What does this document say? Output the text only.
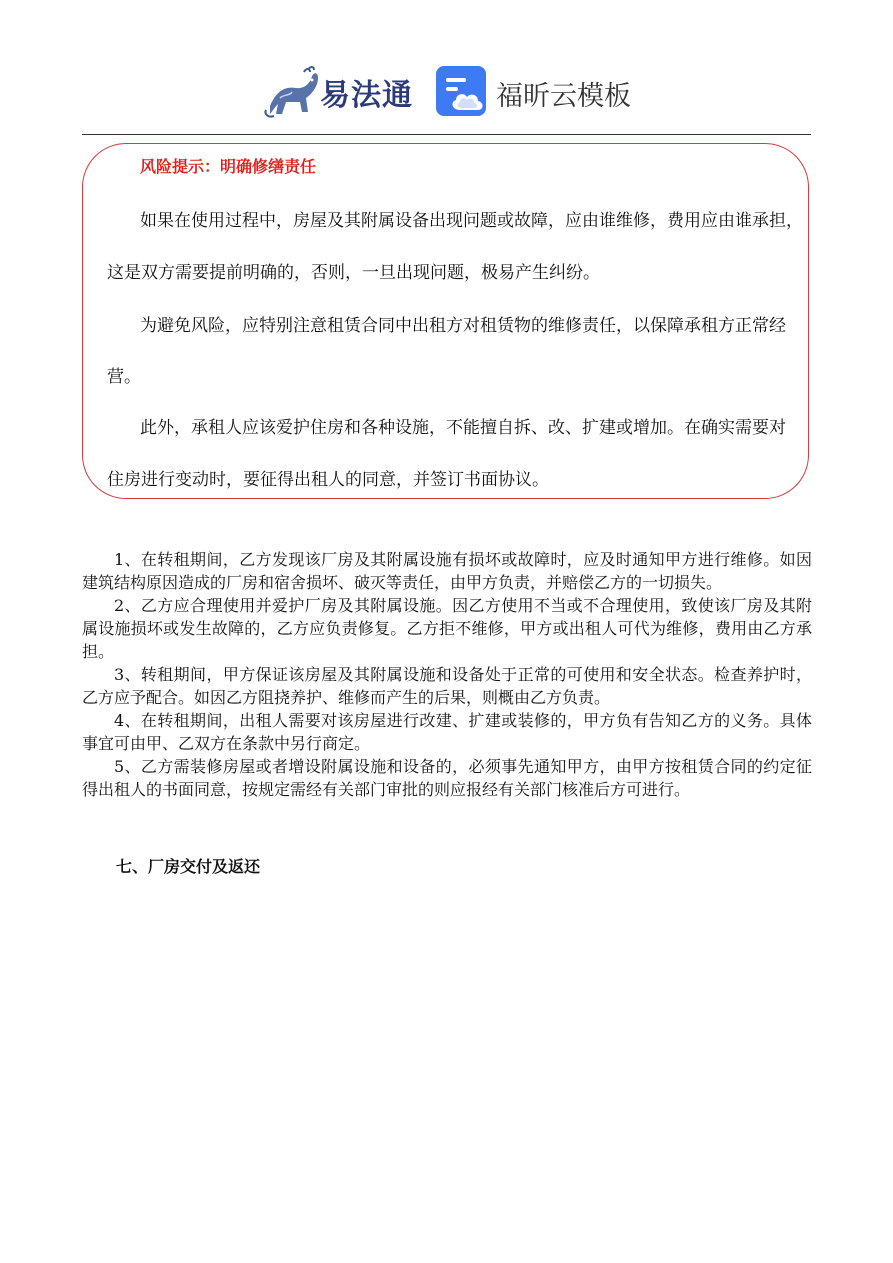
易法通	福昕云模板
风险提示：明确修缮责任
如果在使用过程中，房屋及其附属设备出现问题或故障，应由谁维修，费用应由谁承担，
这是双方需要提前明确的，否则，一旦出现问题，极易产生纠纷。
为避免风险，应特别注意租赁合同中出租方对租赁物的维修责任，以保障承租方正常经
营。
此外，承租人应该爱护住房和各种设施，不能擅自拆、改、扩建或增加。在确实需要对
住房进行变动时，要征得出租人的同意，并签订书面协议。

1、在转租期间，乙方发现该厂房及其附属设施有损坏或故障时，应及时通知甲方进行维修。如因建筑结构原因造成的厂房和宿舍损坏、破灭等责任，由甲方负责，并赔偿乙方的一切损失。

2、乙方应合理使用并爱护厂房及其附属设施。因乙方使用不当或不合理使用，致使该厂房及其附属设施损坏或发生故障的，乙方应负责修复。乙方拒不维修，甲方或出租人可代为维修，费用由乙方承担。

3、转租期间，甲方保证该房屋及其附属设施和设备处于正常的可使用和安全状态。检查养护时，乙方应予配合。如因乙方阻挠养护、维修而产生的后果，则概由乙方负责。

4、在转租期间，出租人需要对该房屋进行改建、扩建或装修的，甲方负有告知乙方的义务。具体事宜可由甲、乙双方在条款中另行商定。

5、乙方需装修房屋或者增设附属设施和设备的，必须事先通知甲方，由甲方按租赁合同的约定征得出租人的书面同意，按规定需经有关部门审批的则应报经有关部门核准后方可进行。

七、厂房交付及返还
